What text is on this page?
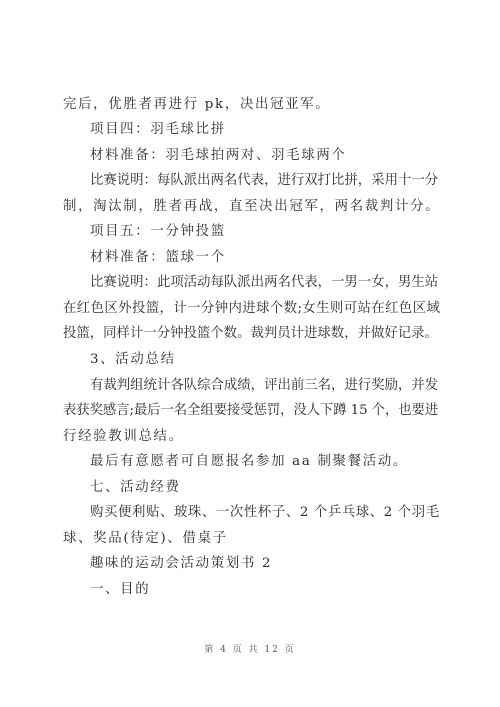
完后，优胜者再进行 pk，决出冠亚军。
项目四：羽毛球比拼
材料准备：羽毛球拍两对、羽毛球两个
比赛说明：每队派出两名代表，进行双打比拼，采用十一分
制，淘汰制，胜者再战，直至决出冠军，两名裁判计分。
项目五：一分钟投篮
材料准备：篮球一个
比赛说明：此项活动每队派出两名代表，一男一女，男生站
在红色区外投篮，计一分钟内进球个数;女生则可站在红色区域
投篮，同样计一分钟投篮个数。裁判员计进球数，并做好记录。
3、活动总结
有裁判组统计各队综合成绩，评出前三名，进行奖励，并发
表获奖感言;最后一名全组要接受惩罚，没人下蹲 15 个，也要进
行经验教训总结。
最后有意愿者可自愿报名参加 aa 制聚餐活动。
七、活动经费
购买便利贴、玻珠、一次性杯子、2 个乒乓球、2 个羽毛
球、奖品(待定)、借桌子
趣味的运动会活动策划书 2
一、目的
第 4 页 共 12 页
